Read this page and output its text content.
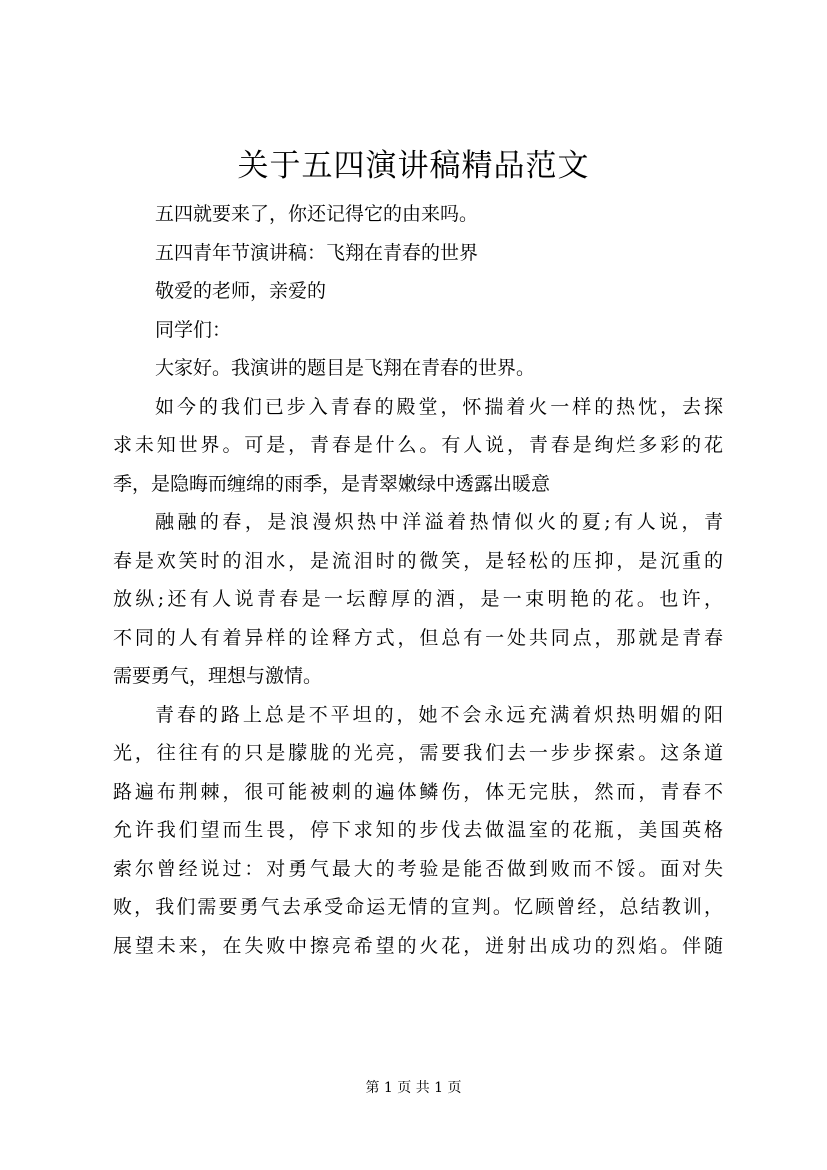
关于五四演讲稿精品范文

五四就要来了，你还记得它的由来吗。

五四青年节演讲稿：飞翔在青春的世界

敬爱的老师，亲爱的

同学们：

大家好。我演讲的题目是飞翔在青春的世界。

如今的我们已步入青春的殿堂，怀揣着火一样的热忱，去探

求未知世界。可是，青春是什么。有人说，青春是绚烂多彩的花

季，是隐晦而缠绵的雨季，是青翠嫩绿中透露出暖意

融融的春，是浪漫炽热中洋溢着热情似火的夏;有人说，青

春是欢笑时的泪水，是流泪时的微笑，是轻松的压抑，是沉重的

放纵;还有人说青春是一坛醇厚的酒，是一束明艳的花。也许，

不同的人有着异样的诠释方式，但总有一处共同点，那就是青春

需要勇气，理想与激情。

青春的路上总是不平坦的，她不会永远充满着炽热明媚的阳

光，往往有的只是朦胧的光亮，需要我们去一步步探索。这条道

路遍布荆棘，很可能被刺的遍体鳞伤，体无完肤，然而，青春不

允许我们望而生畏，停下求知的步伐去做温室的花瓶，美国英格

索尔曾经说过：对勇气最大的考验是能否做到败而不馁。面对失

败，我们需要勇气去承受命运无情的宣判。忆顾曾经，总结教训，

展望未来，在失败中擦亮希望的火花，迸射出成功的烈焰。伴随

第 1 页 共 1 页
